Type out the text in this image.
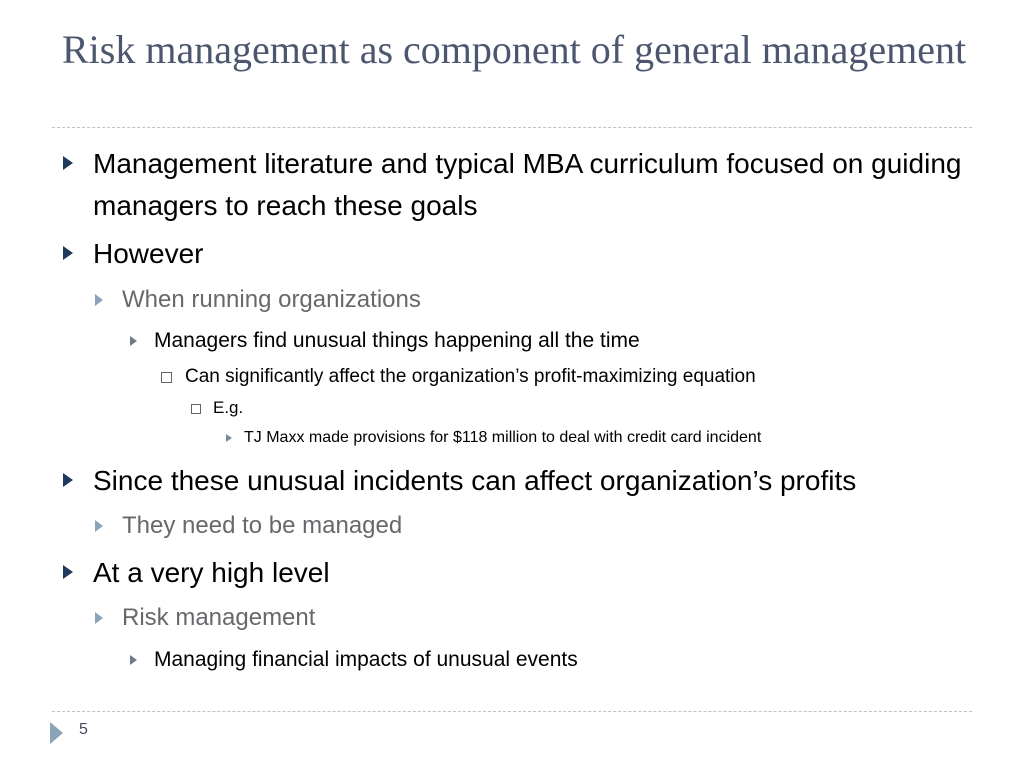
Risk management as component of general management
Management literature and typical MBA curriculum focused on guiding managers to reach these goals
However
When running organizations
Managers find unusual things happening all the time
Can significantly affect the organization’s profit-maximizing equation
E.g.
TJ Maxx made provisions for $118 million to deal with credit card incident
Since these unusual incidents can affect organization’s profits
They need to be managed
At a very high level
Risk management
Managing financial impacts of unusual events
5
